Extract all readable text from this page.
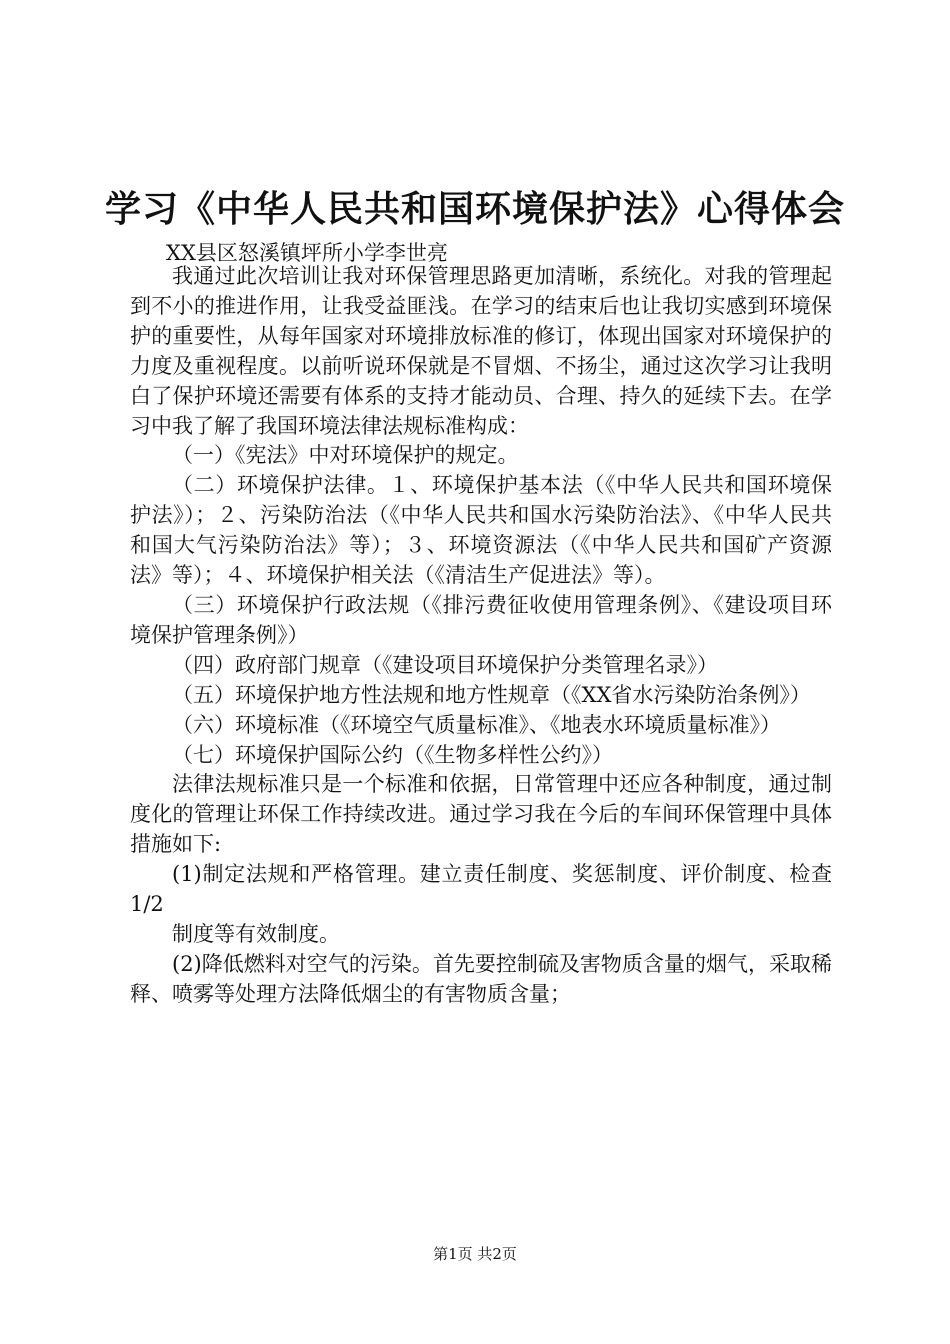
学习《中华人民共和国环境保护法》心得体会

XX县区怒溪镇坪所小学李世亮

我通过此次培训让我对环保管理思路更加清晰，系统化。对我的管理起到不小的推进作用，让我受益匪浅。在学习的结束后也让我切实感到环境保护的重要性，从每年国家对环境排放标准的修订，体现出国家对环境保护的力度及重视程度。以前听说环保就是不冒烟、不扬尘，通过这次学习让我明白了保护环境还需要有体系的支持才能动员、合理、持久的延续下去。在学习中我了解了我国环境法律法规标准构成：

（一）《宪法》中对环境保护的规定。

（二）环境保护法律。１、环境保护基本法（《中华人民共和国环境保护法》）；２、污染防治法（《中华人民共和国水污染防治法》、《中华人民共和国大气污染防治法》等）；３、环境资源法（《中华人民共和国矿产资源法》等）；４、环境保护相关法（《清洁生产促进法》等）。

（三）环境保护行政法规（《排污费征收使用管理条例》、《建设项目环境保护管理条例》）

（四）政府部门规章（《建设项目环境保护分类管理名录》）

（五）环境保护地方性法规和地方性规章（《XX省水污染防治条例》）

（六）环境标准（《环境空气质量标准》、《地表水环境质量标准》）

（七）环境保护国际公约（《生物多样性公约》）

法律法规标准只是一个标准和依据，日常管理中还应各种制度，通过制度化的管理让环保工作持续改进。通过学习我在今后的车间环保管理中具体措施如下:

(1)制定法规和严格管理。建立责任制度、奖惩制度、评价制度、检查1/2

制度等有效制度。

(2)降低燃料对空气的污染。首先要控制硫及害物质含量的烟气，采取稀释、喷雾等处理方法降低烟尘的有害物质含量；

第1页 共2页
